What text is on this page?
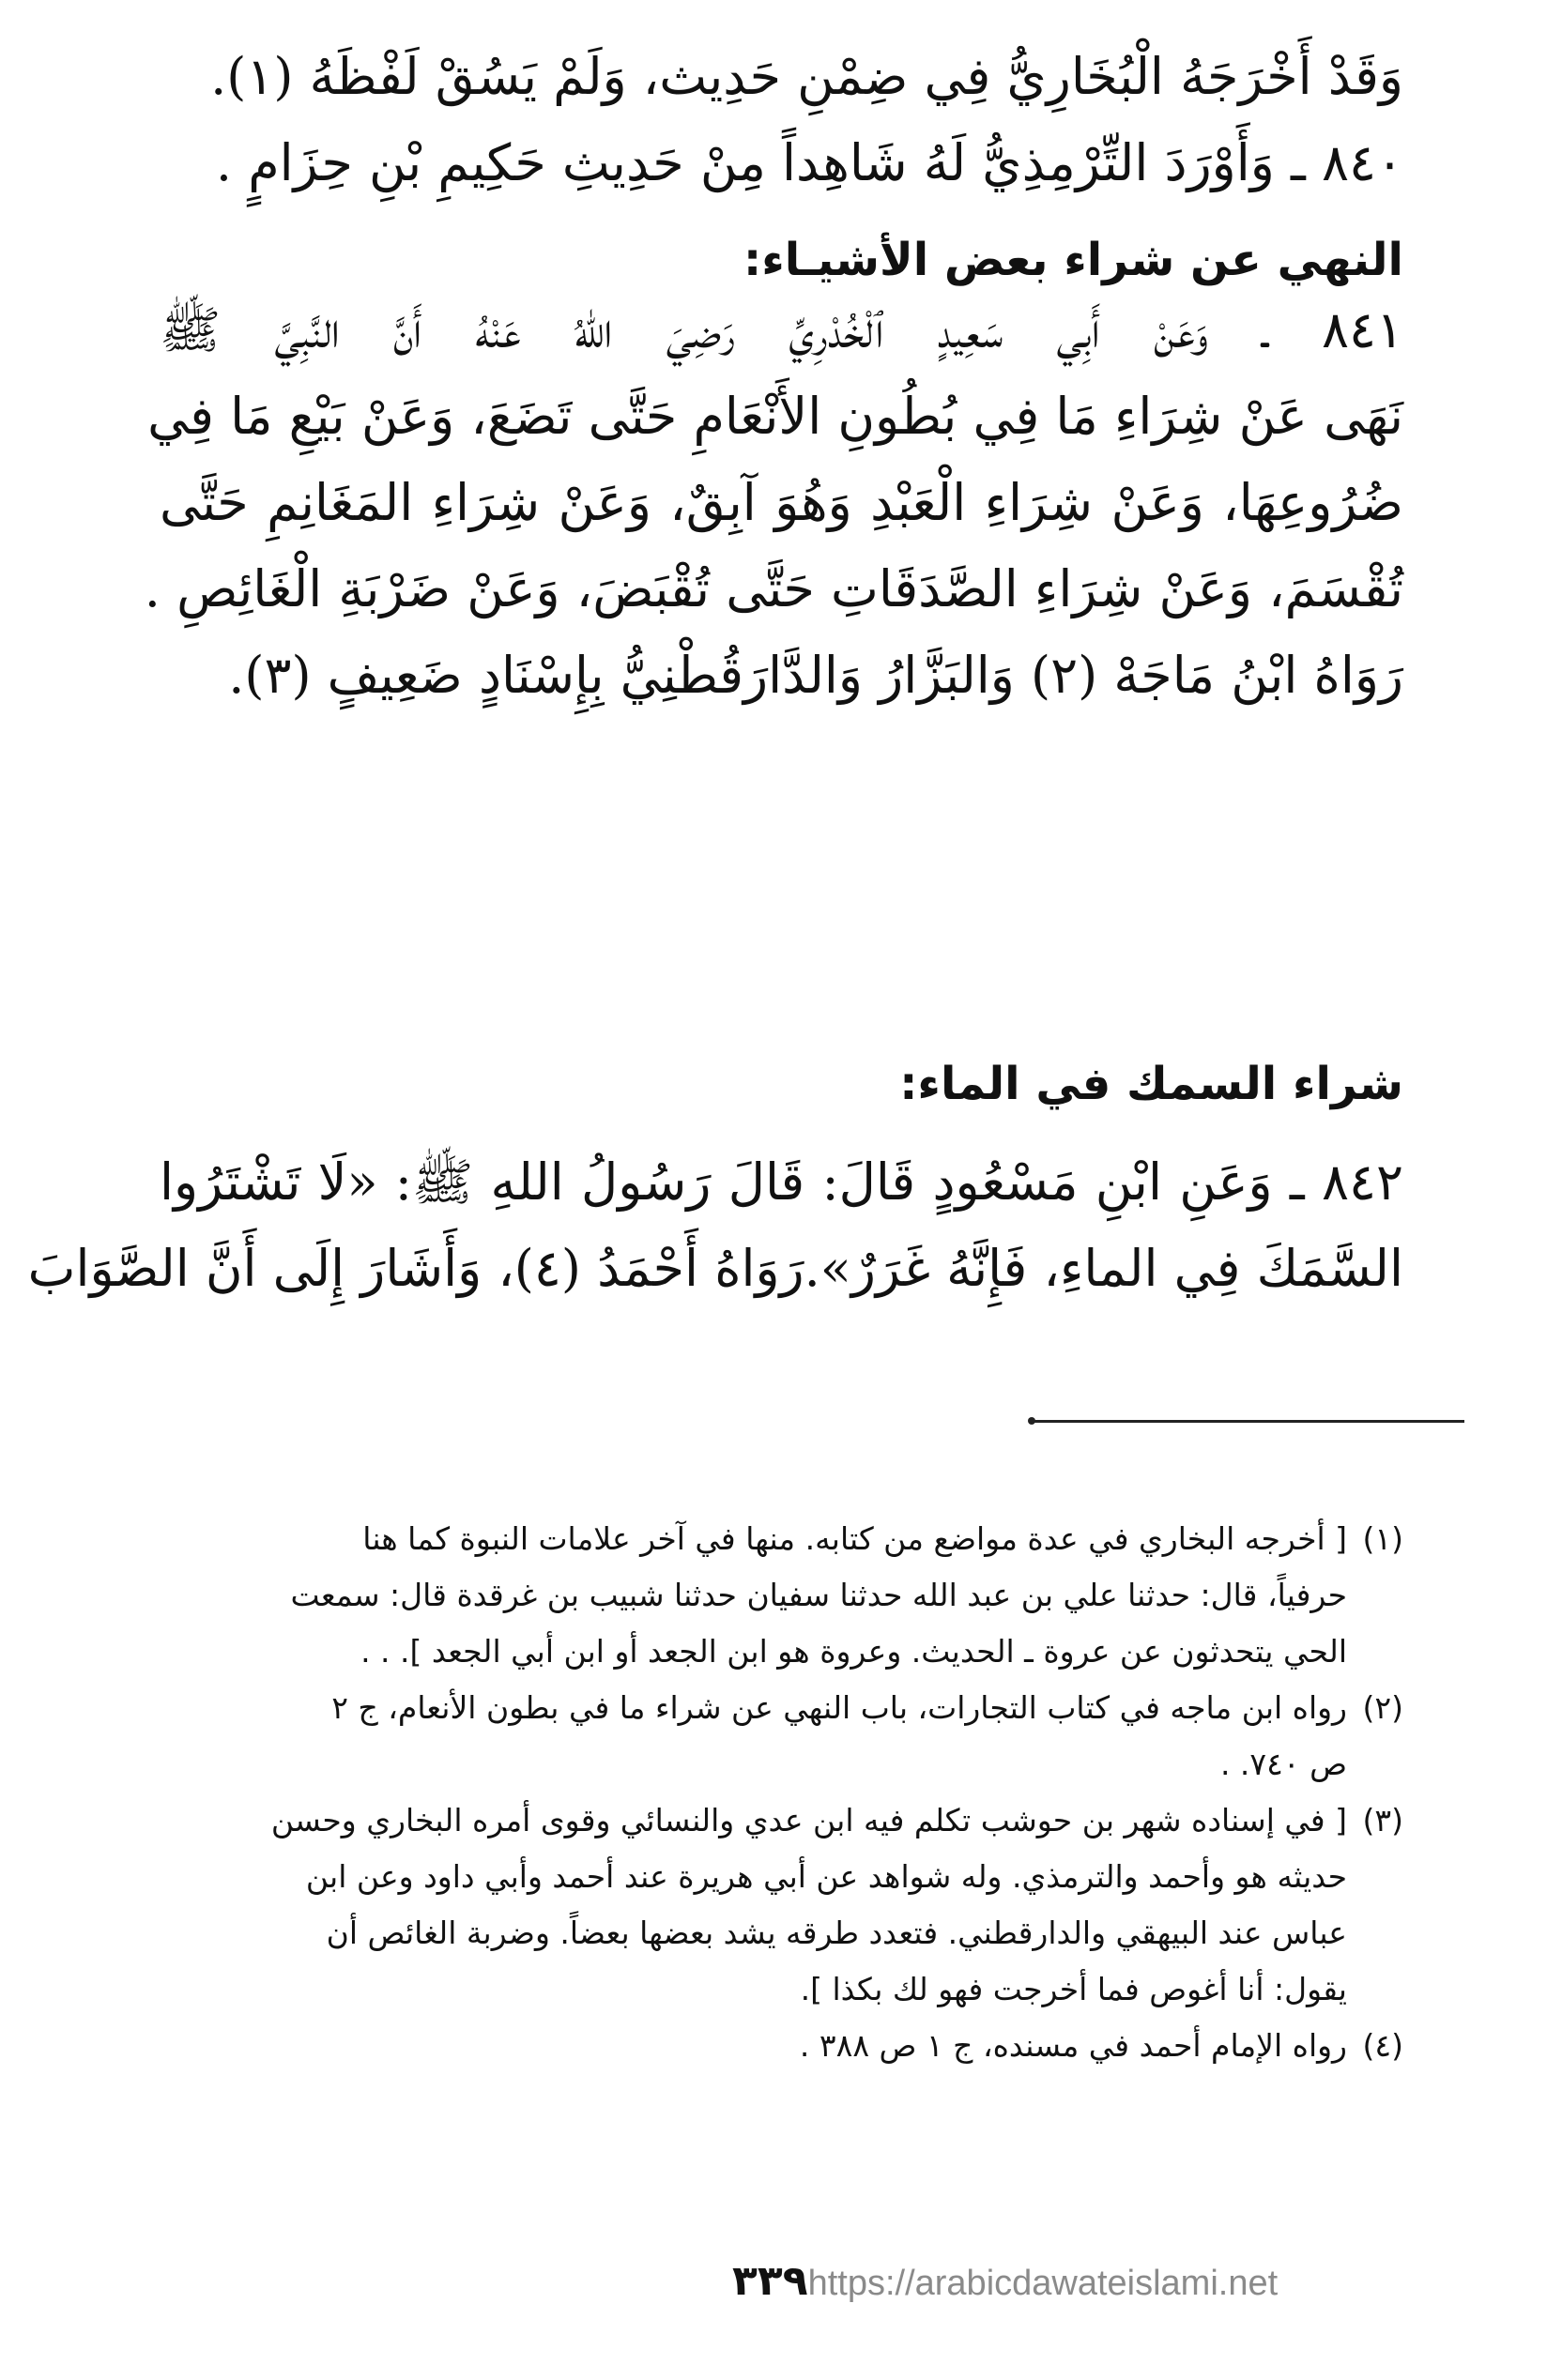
وَقَدْ أَخْرَجَهُ الْبُخَارِيُّ فِي ضِمْنِ حَدِيث، وَلَمْ يَسُقْ لَفْظَهُ (١).
٨٤٠ ـ وَأَوْرَدَ التِّرْمِذِيُّ لَهُ شَاهِداً مِنْ حَدِيثِ حَكِيمِ بْنِ حِزَامٍ .
النهي عن شراء بعض الأشيـاء:
٨٤١ ـ وَعَنْ أَبِي سَعِيدٍ ٱلْخُدْرِيِّ رَضِيَ اللهُ عَنْهُ أَنَّ النَّبِيَّ ﷺ
نَهَى عَنْ شِرَاءِ مَا فِي بُطُونِ الأَنْعَامِ حَتَّى تَضَعَ، وَعَنْ بَيْعِ مَا فِي
ضُرُوعِهَا، وَعَنْ شِرَاءِ الْعَبْدِ وَهُوَ آبِقٌ، وَعَنْ شِرَاءِ المَغَانِمِ حَتَّى
تُقْسَمَ، وَعَنْ شِرَاءِ الصَّدَقَاتِ حَتَّى تُقْبَضَ، وَعَنْ ضَرْبَةِ الْغَائِصِ .
رَوَاهُ ابْنُ مَاجَهْ (٢) وَالبَزَّارُ وَالدَّارَقُطْنِيُّ بِإِسْنَادٍ ضَعِيفٍ (٣).
شراء السمك في الماء:
٨٤٢ ـ وَعَنِ ابْنِ مَسْعُودٍ قَالَ: قَالَ رَسُولُ اللهِ ﷺ: «لَا تَشْتَرُوا
السَّمَكَ فِي الماءِ، فَإِنَّهُ غَرَرٌ».رَوَاهُ أَحْمَدُ (٤)، وَأَشَارَ إِلَى أَنَّ الصَّوَابَ
(١)[ أخرجه البخاري في عدة مواضع من كتابه. منها في آخر علامات النبوة كما هنا
حرفياً، قال: حدثنا علي بن عبد الله حدثنا سفيان حدثنا شبيب بن غرقدة قال: سمعت
الحي يتحدثون عن عروة ـ الحديث. وعروة هو ابن الجعد أو ابن أبي الجعد ]. . .
(٢)رواه ابن ماجه في كتاب التجارات، باب النهي عن شراء ما في بطون الأنعام، ج ٢
ص ٧٤٠. .
(٣)[ في إسناده شهر بن حوشب تكلم فيه ابن عدي والنسائي وقوى أمره البخاري وحسن
حديثه هو وأحمد والترمذي. وله شواهد عن أبي هريرة عند أحمد وأبي داود وعن ابن
عباس عند البيهقي والدارقطني. فتعدد طرقه يشد بعضها بعضاً. وضربة الغائص أن
يقول: أنا أغوص فما أخرجت فهو لك بكذا ].
(٤)رواه الإمام أحمد في مسنده، ج ١ ص ٣٨٨ .
٣٣٩https://arabicdawateislami.net
